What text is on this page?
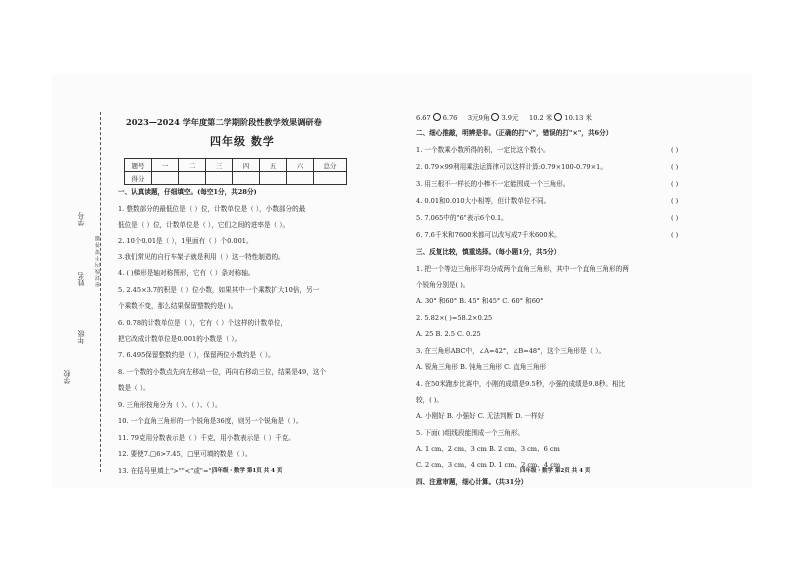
学校
年级
姓名
学号
密 封 线 内 不 要 答 题
2023—2024 学年度第二学期阶段性教学效果调研卷
四年级 数学
题号	一	二	三	四	五	六	总分
得分							
一、认真读题，仔细填空。(每空1分，共28分)
1. 整数部分的最低位是（ ）位，计数单位是（ ），小数部分的最
低位是（ ）位，计数单位是（ ），它们之间的进率是（ ）。
2. 10个0.01是（ ），1里面有（ ）个0.001。
3.我们常见的自行车架子就是利用（ ）这一特性制造的。
4. ( )梯形是轴对称图形，它有（ ）条对称轴。
5. 2.45×3.7的积是（ ）位小数，如果其中一个乘数扩大10倍，另一
个乘数不变，那么结果保留整数约是( )。
6. 0.78的计数单位是（ ），它有（ ）个这样的计数单位，
把它改成计数单位是0.001的小数是（ ）。
7. 6.495保留整数约是（ ），保留两位小数约是（ ）。
8. 一个数的小数点先向左移动一位，再向右移动三位，结果是49，这个
数是（ ）。
9. 三角形按角分为（ ）、（ ）、（ ）。
10. 一个直角三角形的一个锐角是36度，则另一个锐角是（ ）。
11. 79克用分数表示是（ ）千克，用小数表示是（ ）千克。
12. 要使7.□6>7.45，□里可填的数是（ ）。
13. 在括号里填上">""<"或"="。
四年级・数学 第1页 共 4 页
6.67 6.76 3元9角 3.9元 10.2 米 10.13 米
二、细心推敲，明辨是非。（正确的打"√"，错误的打"×"，共6分）
1. 一个数乘小数所得的积，一定比这个数小。	( )
2. 0.79×99利用乘法运算律可以这样计算:0.79×100-0.79×1。	( )
3. 用三根不一样长的小棒不一定能围成一个三角形。	( )
4. 0.01和0.010大小相等，但计数单位不同。	( )
5. 7.065中的"6"表示6个0.1。	( )
6. 7.6千米和7600米都可以改写成7千米600米。	( )
三、反复比较，慎重选择。（每小题1分，共5分）
1. 把一个等边三角形平均分成两个直角三角形，其中一个直角三角形的两
个锐角分别是( )。
A. 30° 和60° B. 45° 和45° C. 60° 和60°
2. 5.82×( )=58.2×0.25
A. 25 B. 2.5 C. 0.25
3. 在三角形ABC中，∠A=42°，∠B=48°，这个三角形是（ ）。
A. 锐角三角形 B. 钝角三角形 C. 直角三角形
4. 在50米跑步比赛中，小刚的成绩是9.5秒，小强的成绩是9.8秒。相比
较，( )。
A. 小刚好 B. 小强好 C. 无法判断 D. 一样好
5. 下面( )组线段能围成一个三角形。
A. 1 cm、2 cm、3 cm B. 2 cm、3 cm、6 cm
C. 2 cm、3 cm、4 cm D. 1 cm、2 cm、4 cm
四、注意审题，细心计算。（共31分）
四年级・数学 第2页 共 4 页
